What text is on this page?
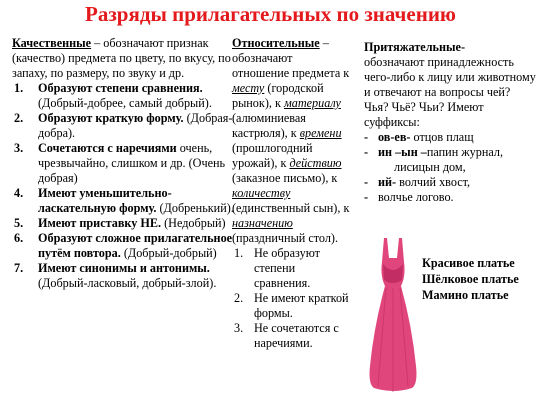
Разряды прилагательных по значению
Качественные – обозначают признак (качество) предмета по цвету, по вкусу, по запаху, по размеру, по звуку и др.
1. Образуют степени сравнения. (Добрый-добрее, самый добрый).
2. Образуют краткую форму. (Добрая-добра).
3. Сочетаются с наречиями очень, чрезвычайно, слишком и др. (Очень добрая)
4. Имеют уменьшительно-ласкательную форму. (Добренький).
5. Имеют приставку НЕ. (Недобрый)
6. Образуют сложное прилагательное путём повтора. (Добрый-добрый)
7. Имеют синонимы и антонимы. (Добрый-ласковый, добрый-злой).
Относительные – обозначают отношение предмета к месту (городской рынок), к материалу (алюминиевая кастрюля), к времени (прошлогодний урожай), к действию (заказное письмо), к количеству (единственный сын), к назначению (праздничный стол).
1. Не образуют степени сравнения.
2. Не имеют краткой формы.
3. Не сочетаются с наречиями.
Притяжательные-
обозначают принадлежность чего-либо к лицу или животному и отвечают на вопросы чей? Чья? Чьё? Чьи? Имеют суффиксы:
- ов-ев- отцов плащ
- ин –ын –папин журнал,
лисицын дом,
- ий- волчий хвост,
- волчье логово.
Красивое платье
Шёлковое платье
Мамино платье
